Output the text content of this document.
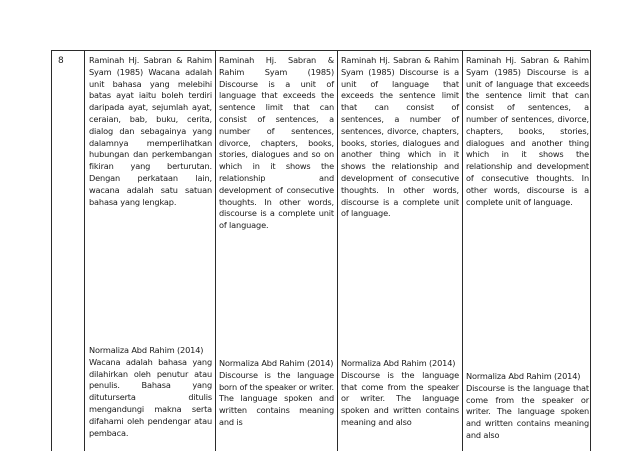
8	Raminah Hj. Sabran & Rahim Syam (1985) Wacana adalah unit bahasa yang melebihi batas ayat iaitu boleh terdiri daripada ayat, sejumlah ayat, ceraian, bab, buku, cerita, dialog dan sebagainya yang dalamnya memperlihatkan hubungan dan perkembangan fikiran yang berturutan. Dengan perkataan lain, wacana adalah satu satuan bahasa yang lengkap.
Normaliza Abd Rahim (2014)
Wacana adalah bahasa yang dilahirkan oleh penutur atau penulis. Bahasa yang dituturserta ditulis mengandungi makna serta difahami oleh pendengar atau pembaca.
Raminah Hj. Sabran & Rahim Syam (1985) Discourse is a unit of language that exceeds the sentence limit that can consist of sentences, a number of sentences, divorce, chapters, books, stories, dialogues and so on which in it shows the relationship and development of consecutive thoughts. In other words, discourse is a complete unit of language.
Normaliza Abd Rahim (2014)
Discourse is the language born of the speaker or writer. The language spoken and written contains meaning and is
Raminah Hj. Sabran & Rahim Syam (1985) Discourse is a unit of language that exceeds the sentence limit that can consist of sentences, a number of sentences, divorce, chapters, books, stories, dialogues and another thing which in it shows the relationship and development of consecutive thoughts. In other words, discourse is a complete unit of language.
Normaliza Abd Rahim (2014)
Discourse is the language that come from the speaker or writer. The language spoken and written contains meaning and also
Raminah Hj. Sabran & Rahim Syam (1985) Discourse is a unit of language that exceeds the sentence limit that can consist of sentences, a number of sentences, divorce, chapters, books, stories, dialogues and another thing which in it shows the relationship and development of consecutive thoughts. In other words, discourse is a complete unit of language.
Normaliza Abd Rahim (2014)
Discourse is the language that come from the speaker or writer. The language spoken and written contains meaning and also
